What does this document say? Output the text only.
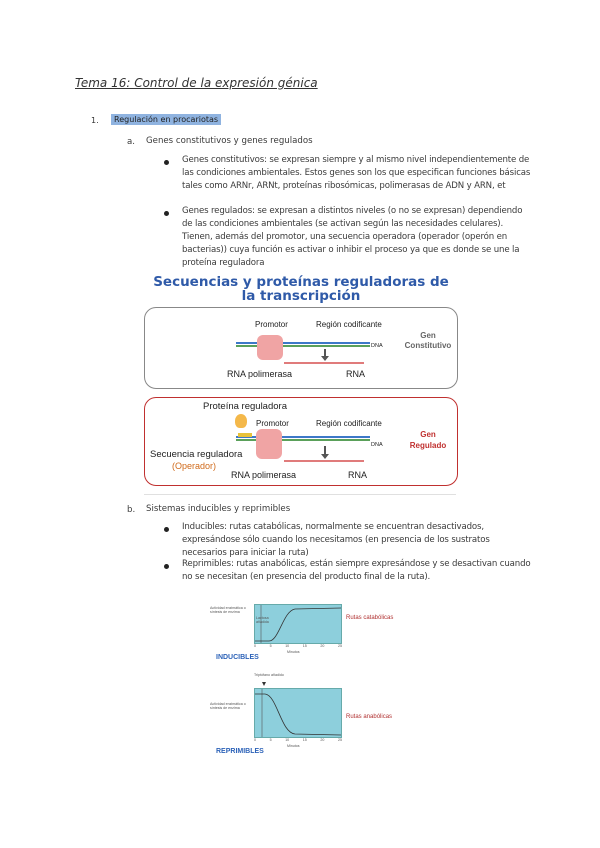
Tema 16: Control de la expresión génica
1.	Regulación en procariotas
a. Genes constitutivos y genes regulados
Genes constitutivos: se expresan siempre y al mismo nivel independientemente de las condiciones ambientales. Estos genes son los que especifican funciones básicas tales como ARNr, ARNt, proteínas ribosómicas, polimerasas de ADN y ARN, et
Genes regulados: se expresan a distintos niveles (o no se expresan) dependiendo de las condiciones ambientales (se activan según las necesidades celulares). Tienen, además del promotor, una secuencia operadora (operador (operón en bacterias)) cuya función es activar o inhibir el proceso ya que es donde se une la proteína reguladora
Secuencias y proteínas reguladoras de la transcripción
Promotor	Región codificante
DNA
RNA polimerasa	RNA
Gen
Constitutivo
Proteína reguladora
Promotor	Región codificante
DNA
Secuencia reguladora
(Operador)
RNA polimerasa	RNA
Gen
Regulado
b. Sistemas inducibles y reprimibles
Inducibles: rutas catabólicas, normalmente se encuentran desactivados, expresándose sólo cuando los necesitamos (en presencia de los sustratos necesarios para iniciar la ruta)
Reprimibles: rutas anabólicas, están siempre expresándose y se desactivan cuando no se necesitan (en presencia del producto final de la ruta).
Actividad enzimática o síntesis de enzima
Lactosa añadida
0	5	10	15	20	25
Minutos
Rutas catabólicas
INDUCIBLES
Triptófano añadido
Actividad enzimática o síntesis de enzima
0	5	10	15	20	25
Minutos
Rutas anabólicas
REPRIMIBLES
